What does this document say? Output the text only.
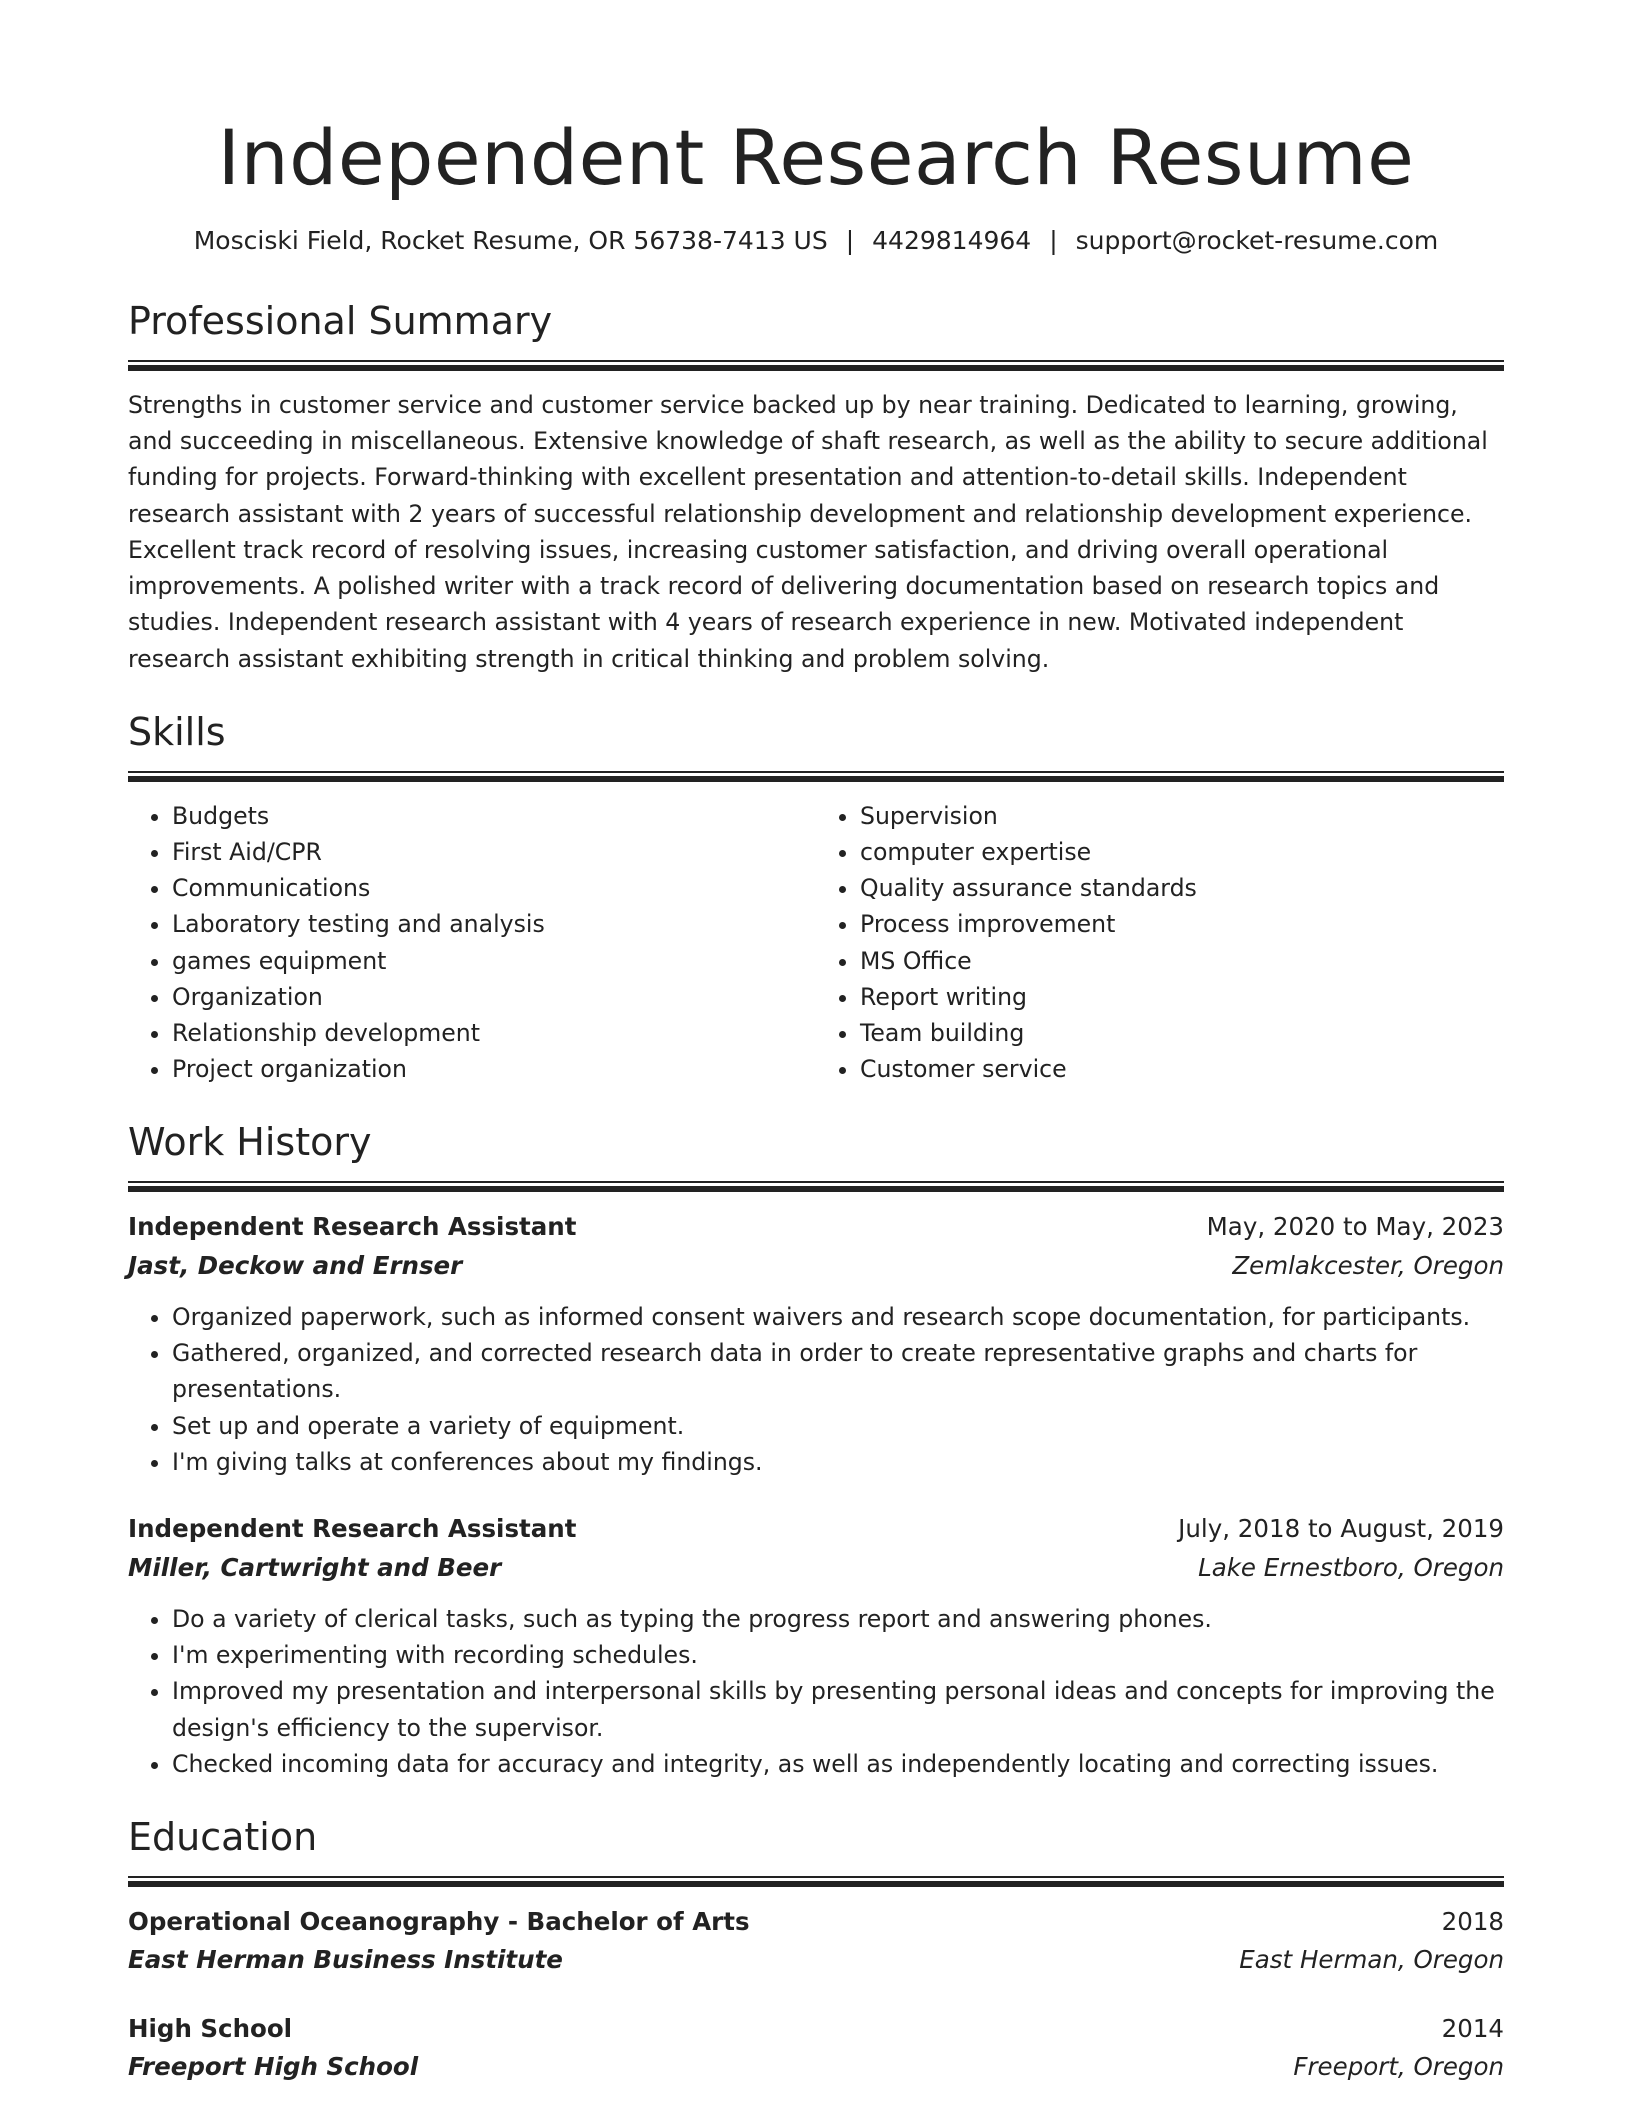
Independent Research Resume
Mosciski Field, Rocket Resume, OR 56738-7413 US | 4429814964 | support@rocket-resume.com
Professional Summary

Strengths in customer service and customer service backed up by near training. Dedicated to learning, growing, and succeeding in miscellaneous. Extensive knowledge of shaft research, as well as the ability to secure additional funding for projects. Forward-thinking with excellent presentation and attention-to-detail skills. Independent research assistant with 2 years of successful relationship development and relationship development experience. Excellent track record of resolving issues, increasing customer satisfaction, and driving overall operational improvements. A polished writer with a track record of delivering documentation based on research topics and studies. Independent research assistant with 4 years of research experience in new. Motivated independent research assistant exhibiting strength in critical thinking and problem solving.

Skills
• Budgets
• First Aid/CPR
• Communications
• Laboratory testing and analysis
• games equipment
• Organization
• Relationship development
• Project organization
• Supervision
• computer expertise
• Quality assurance standards
• Process improvement
• MS Office
• Report writing
• Team building
• Customer service
Work History
Independent Research Assistant	May, 2020 to May, 2023
Jast, Deckow and Ernser	Zemlakcester, Oregon
• Organized paperwork, such as informed consent waivers and research scope documentation, for participants.
• Gathered, organized, and corrected research data in order to create representative graphs and charts for presentations.
• Set up and operate a variety of equipment.
• I'm giving talks at conferences about my findings.
Independent Research Assistant	July, 2018 to August, 2019
Miller, Cartwright and Beer	Lake Ernestboro, Oregon
• Do a variety of clerical tasks, such as typing the progress report and answering phones.
• I'm experimenting with recording schedules.
• Improved my presentation and interpersonal skills by presenting personal ideas and concepts for improving the design's efficiency to the supervisor.
• Checked incoming data for accuracy and integrity, as well as independently locating and correcting issues.
Education
Operational Oceanography - Bachelor of Arts	2018
East Herman Business Institute	East Herman, Oregon
High School	2014
Freeport High School	Freeport, Oregon
